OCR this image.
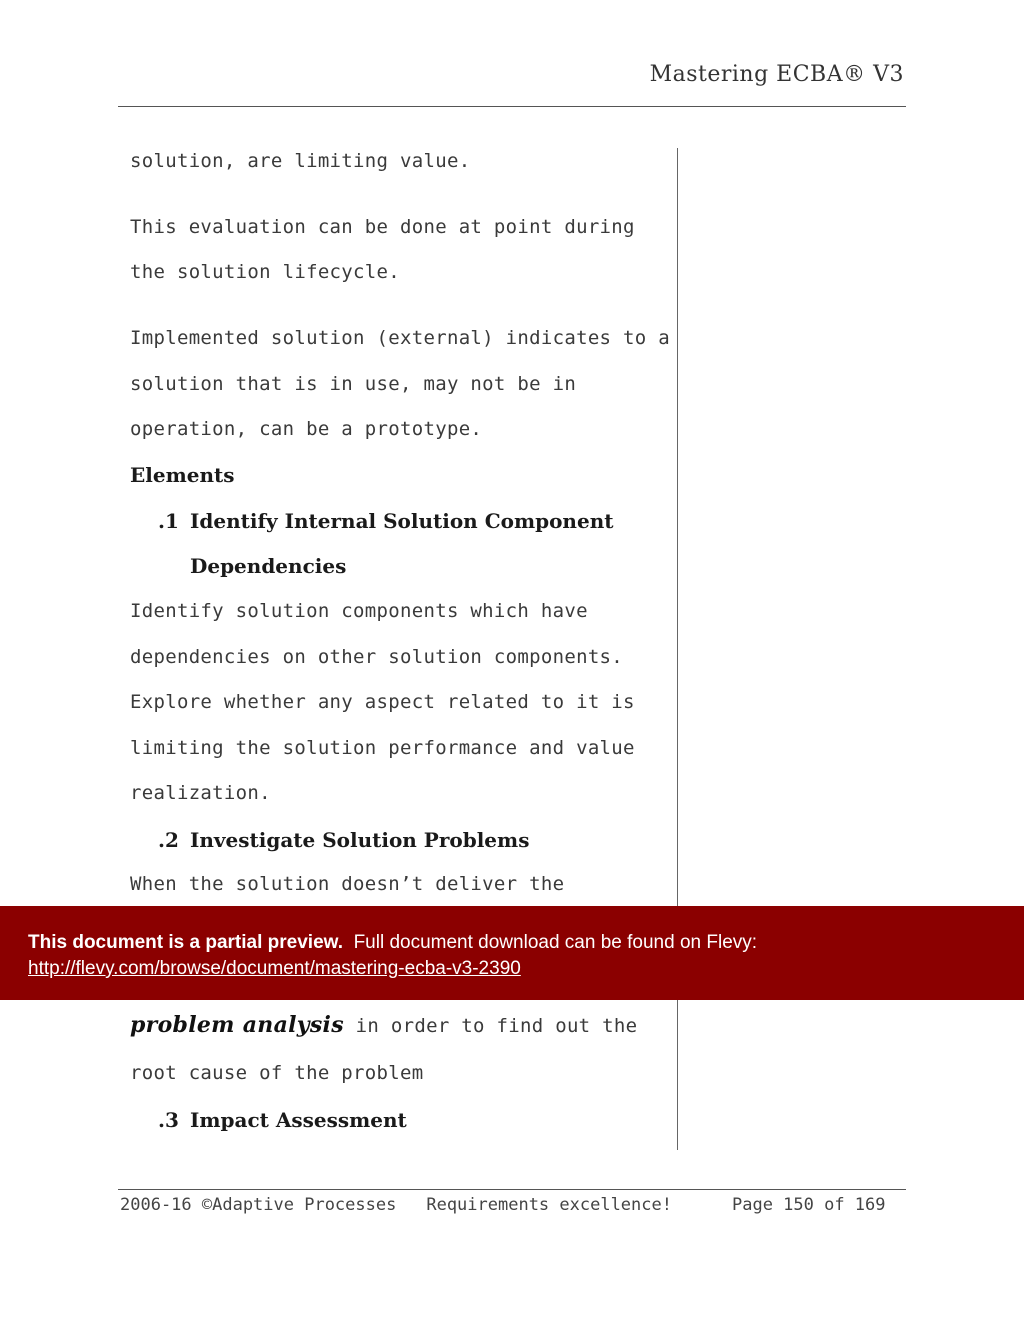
Mastering ECBA® V3
solution, are limiting value.
This evaluation can be done at point during
the solution lifecycle.
Implemented solution (external) indicates to a
solution that is in use, may not be in
operation, can be a prototype.
Elements
.1 Identify Internal Solution Component
Dependencies
Identify solution components which have
dependencies on other solution components.
Explore whether any aspect related to it is
limiting the solution performance and value
realization.
.2 Investigate Solution Problems
When the solution doesn’t deliver the
problem analysis in order to find out the
root cause of the problem
.3 Impact Assessment
This document is a partial preview. Full document download can be found on Flevy:
http://flevy.com/browse/document/mastering-ecba-v3-2390
2006-16 ©Adaptive Processes Requirements excellence!	Page 150 of 169
